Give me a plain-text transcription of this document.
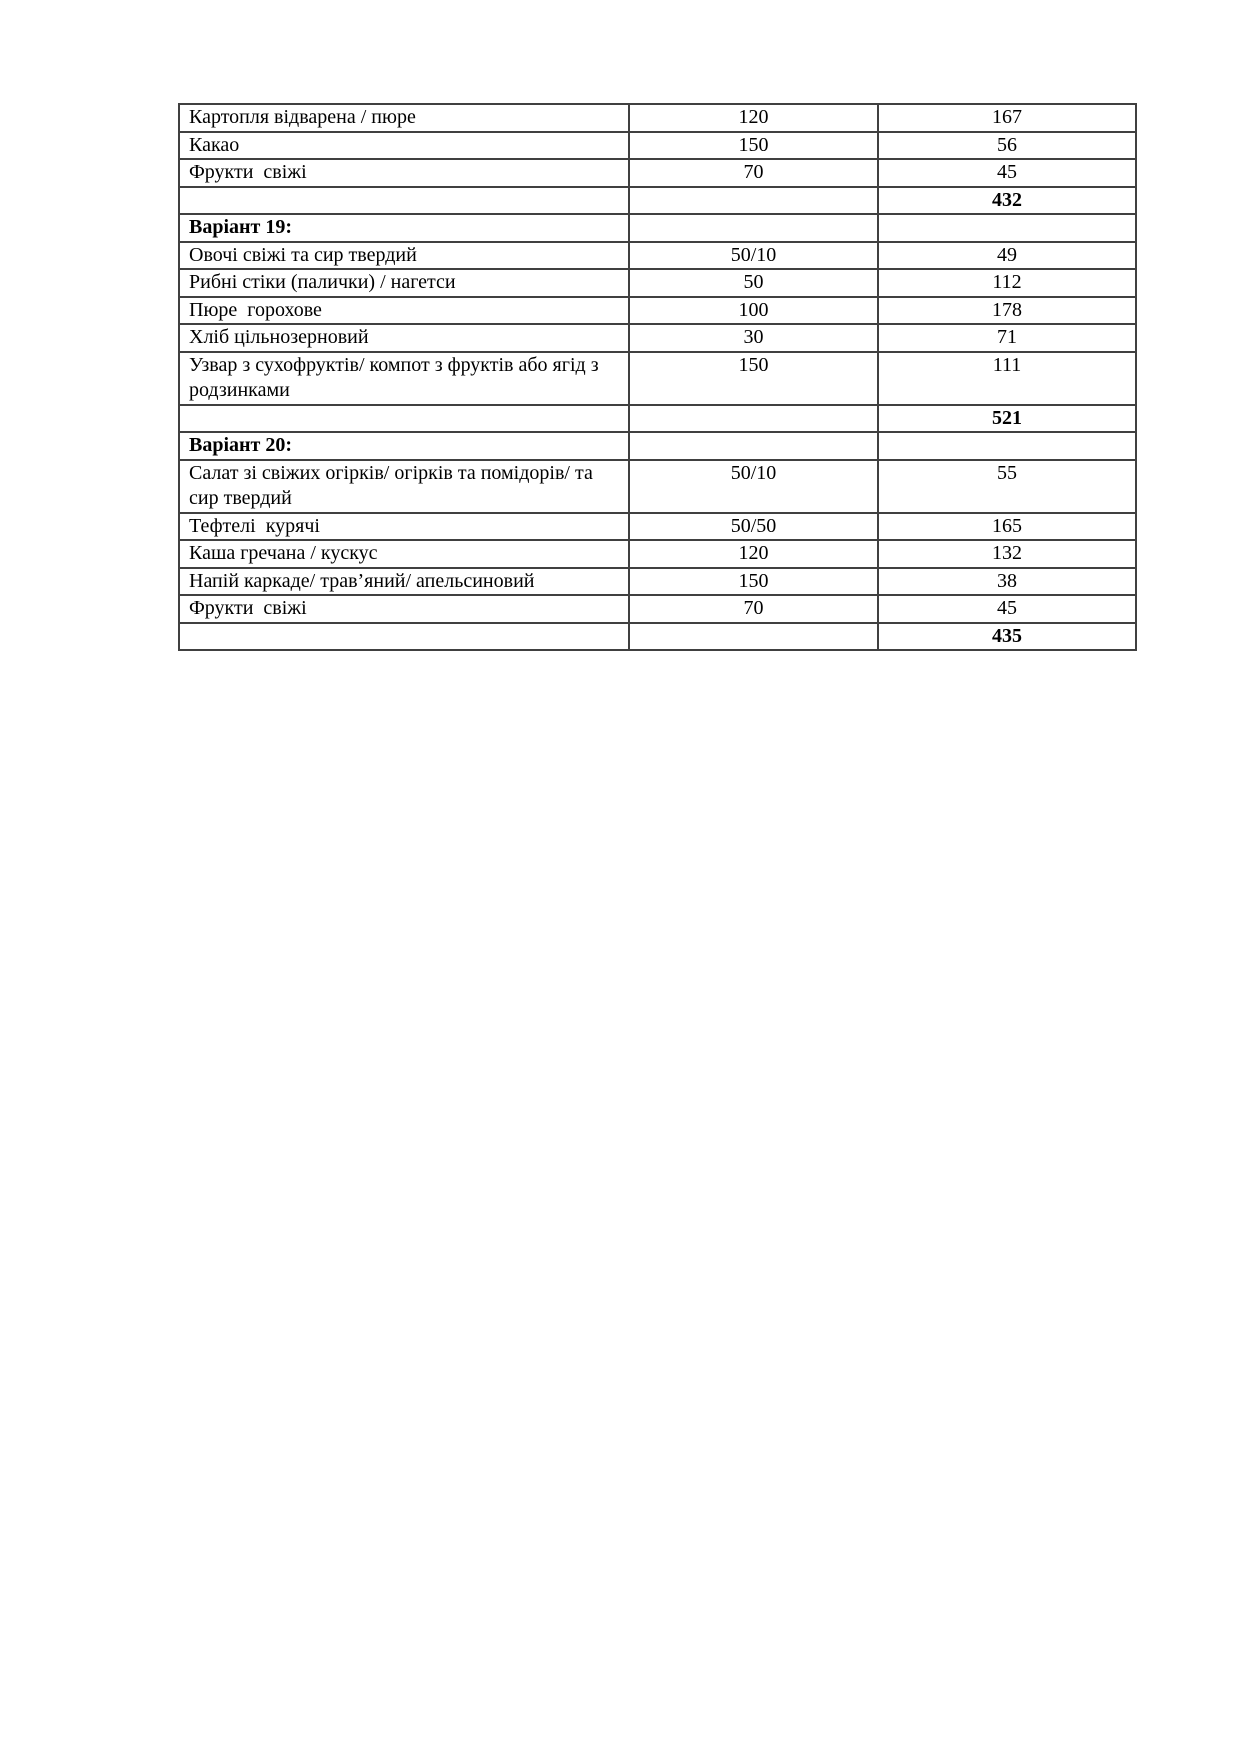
Картопля відварена / пюре	120	167
Какао	150	56
Фрукти  свіжі	70	45
		432
Варіант 19:		
Овочі свіжі та сир твердий	50/10	49
Рибні стіки (палички) / нагетси	50	112
Пюре  горохове	100	178
Хліб цільнозерновий	30	71
Узвар з сухофруктів/ компот з фруктів або ягід з родзинками	150	111
		521
Варіант 20:		
Салат зі свіжих огірків/ огірків та помідорів/ та сир твердий	50/10	55
Тефтелі  курячі	50/50	165
Каша гречана / кускус	120	132
Напій каркаде/ трав’яний/ апельсиновий	150	38
Фрукти  свіжі	70	45
		435
